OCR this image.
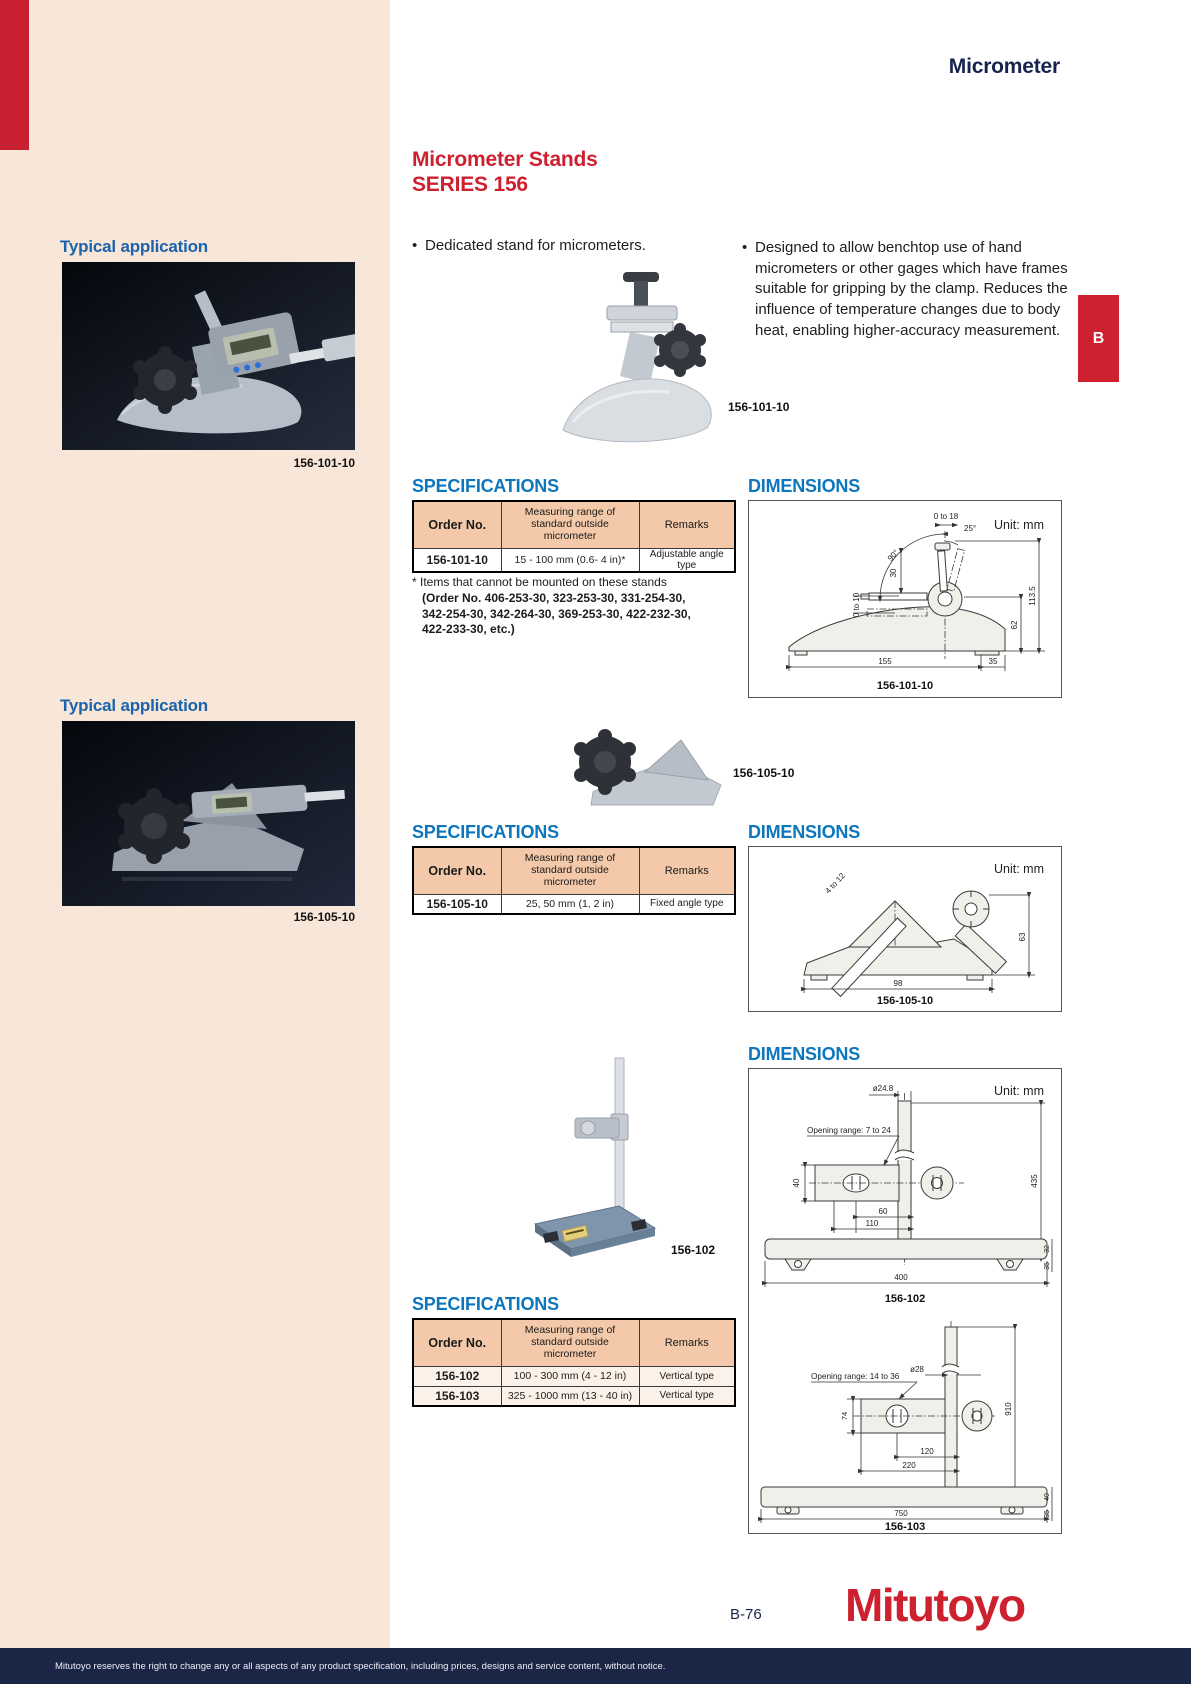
B
Micrometer
Micrometer Stands
SERIES 156
• Dedicated stand for micrometers.	• Designed to allow benchtop use of hand micrometers or other gages which have frames suitable for gripping by the clamp. Reduces the influence of temperature changes due to body heat, enabling higher-accuracy measurement.
Typical application
156-101-10
156-101-10
SPECIFICATIONS
Order No.	Measuring range of standard outside micrometer	Remarks
156-101-10	15 - 100 mm (0.6- 4 in)*	Adjustable angle type
* Items that cannot be mounted on these stands
(Order No. 406-253-30, 323-253-30, 331-254-30,
342-254-30, 342-264-30, 369-253-30, 422-232-30,
422-233-30, etc.)
DIMENSIONS
0 to 18
25°
90°
30
0 to 10	113.5
62
155	35
Unit: mm
156-101-10
Typical application
156-105-10
156-105-10
SPECIFICATIONS
Order No.	Measuring range of standard outside micrometer	Remarks
156-105-10	25, 50 mm (1, 2 in)	Fixed angle type
DIMENSIONS
4 to 12
63
98
Unit: mm
156-105-10
156-102
SPECIFICATIONS
Order No.	Measuring range of standard outside micrometer	Remarks
156-102	100 - 300 mm (4 - 12 in)	Vertical type
156-103	325 - 1000 mm (13 - 40 in)	Vertical type
DIMENSIONS
ø24.8
Opening range: 7 to 24
40
60
110
435
32
35
400
156-102
Unit: mm
ø28
Opening range: 14 to 36
74
910
120
220
40
35
750
156-103
B-76 Mitutoyo
Mitutoyo reserves the right to change any or all aspects of any product specification, including prices, designs and service content, without notice.
